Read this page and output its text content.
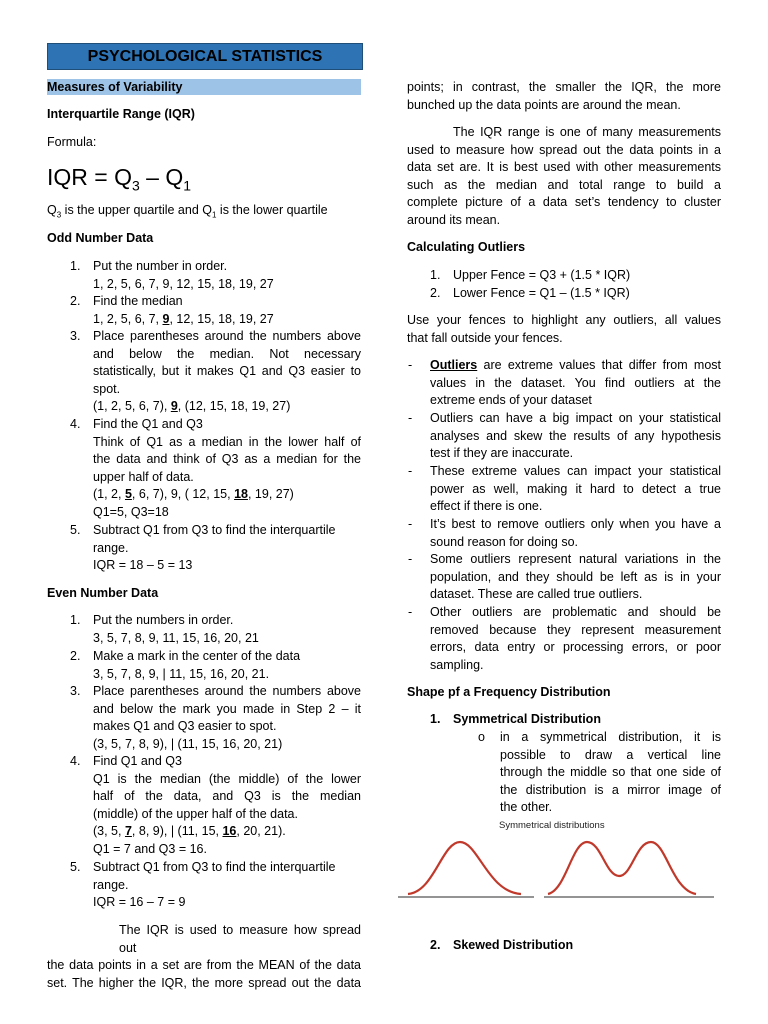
PSYCHOLOGICAL STATISTICS
Measures of Variability
Interquartile Range (IQR)
Formula:
IQR = $Q_3 - Q_1$
$Q_3$ is the upper quartile and $Q_1$ is the lower quartile
Odd Number Data
1. Put the number in order.
1, 2, 5, 6, 7, 9, 12, 15, 18, 19, 27
2. Find the median
1, 2, 5, 6, 7, 9, 12, 15, 18, 19, 27
3. Place parentheses around the numbers above
and below the median. Not necessary
statistically, but it makes Q1 and Q3 easier to
spot.
(1, 2, 5, 6, 7), 9, (12, 15, 18, 19, 27)
4. Find the Q1 and Q3
Think of Q1 as a median in the lower half of
the data and think of Q3 as a median for the
upper half of data.
(1, 2, 5, 6, 7), 9, ( 12, 15, 18, 19, 27)
Q1=5, Q3=18
5. Subtract Q1 from Q3 to find the interquartile
range.
IQR = 18 – 5 = 13
Even Number Data
1. Put the numbers in order.
3, 5, 7, 8, 9, 11, 15, 16, 20, 21
2. Make a mark in the center of the data
3, 5, 7, 8, 9, | 11, 15, 16, 20, 21.
3. Place parentheses around the numbers above
and below the mark you made in Step 2 – it
makes Q1 and Q3 easier to spot.
(3, 5, 7, 8, 9), | (11, 15, 16, 20, 21)
4. Find Q1 and Q3
Q1 is the median (the middle) of the lower
half of the data, and Q3 is the median
(middle) of the upper half of the data.
(3, 5, 7, 8, 9), | (11, 15, 16, 20, 21).
Q1 = 7 and Q3 = 16.
5. Subtract Q1 from Q3 to find the interquartile
range.
IQR = 16 – 7 = 9
The IQR is used to measure how spread out
the data points in a set are from the MEAN of the data
set. The higher the IQR, the more spread out the data
points; in contrast, the smaller the IQR, the more
bunched up the data points are around the mean.
The IQR range is one of many measurements
used to measure how spread out the data points in a
data set are. It is best used with other measurements
such as the median and total range to build a
complete picture of a data set’s tendency to cluster
around its mean.
Calculating Outliers
1. Upper Fence = Q3 + (1.5 * IQR)
2. Lower Fence = Q1 – (1.5 * IQR)
Use your fences to highlight any outliers, all values
that fall outside your fences.
- Outliers are extreme values that differ from most
values in the dataset. You find outliers at the
extreme ends of your dataset
- Outliers can have a big impact on your statistical
analyses and skew the results of any hypothesis
test if they are inaccurate.
- These extreme values can impact your statistical
power as well, making it hard to detect a true
effect if there is one.
- It’s best to remove outliers only when you have a
sound reason for doing so.
- Some outliers represent natural variations in the
population, and they should be left as is in your
dataset. These are called true outliers.
- Other outliers are problematic and should be
removed because they represent measurement
errors, data entry or processing errors, or poor
sampling.
Shape pf a Frequency Distribution
1. Symmetrical Distribution
o in a symmetrical distribution, it is
possible to draw a vertical line
through the middle so that one side of
the distribution is a mirror image of
the other.
Symmetrical distributions
2. Skewed Distribution
